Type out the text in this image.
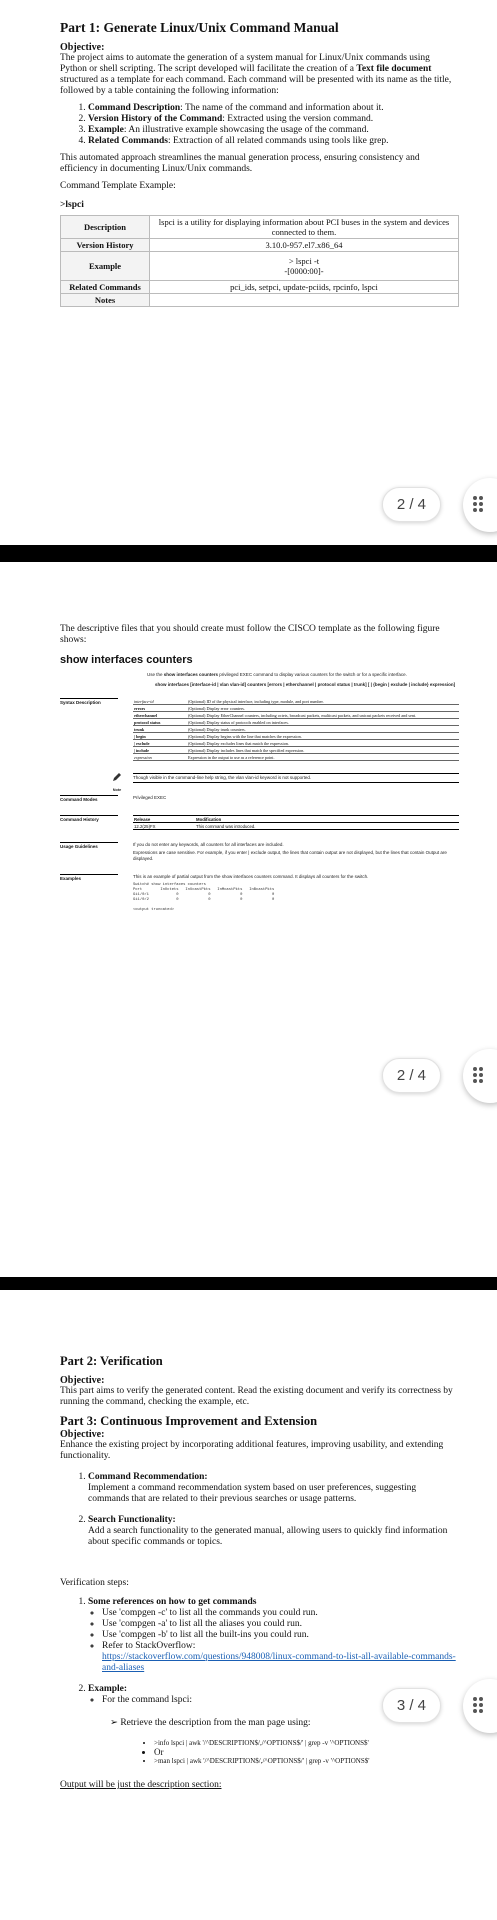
Part 1: Generate Linux/Unix Command Manual
Objective:

The project aims to automate the generation of a system manual for Linux/Unix commands using Python or shell scripting. The script developed will facilitate the creation of a Text file document structured as a template for each command. Each command will be presented with its name as the title, followed by a table containing the following information:

1. Command Description: The name of the command and information about it.
2. Version History of the Command: Extracted using the version command.
3. Example: An illustrative example showcasing the usage of the command.
4. Related Commands: Extraction of all related commands using tools like grep.

This automated approach streamlines the manual generation process, ensuring consistency and efficiency in documenting Linux/Unix commands.

Command Template Example:

>lspci

Description	lspci is a utility for displaying information about PCI buses in the system and devices connected to them.
Version History	3.10.0-957.el7.x86_64
Example	> lspci -t
-[0000:00]-
Related Commands	pci_ids, setpci, update-pciids, rpcinfo, lspci
Notes	
2 / 4

The descriptive files that you should create must follow the CISCO template as the following figure shows:

show interfaces counters
Use the show interfaces counters privileged EXEC command to display various counters for the switch or for a specific interface.
show interfaces [interface-id | vlan vlan-id] counters [errors | etherchannel | protocol status | trunk] [ | {begin | exclude | include} expression]
Syntax Description	interface-id	(Optional) ID of the physical interface, including type, module, and port number.
errors	(Optional) Display error counters.
etherchannel	(Optional) Display EtherChannel counters, including octets, broadcast packets, multicast packets, and unicast packets received and sent.
protocol status	(Optional) Display status of protocols enabled on interfaces.
trunk	(Optional) Display trunk counters.
| begin	(Optional) Display begins with the line that matches the expression.
| exclude	(Optional) Display excludes lines that match the expression.
| include	(Optional) Display includes lines that match the specified expression.
expression	Expression in the output to use as a reference point.
Note
Though visible in the command-line help string, the vlan vlan-id keyword is not supported.
Command Modes	Privileged EXEC
Command History	Release	Modification
12.2(25)FX	This command was introduced.
Usage Guidelines	If you do not enter any keywords, all counters for all interfaces are included.
Expressions are case sensitive. For example, if you enter | exclude output, the lines that contain output are not displayed, but the lines that contain Output are displayed.
Examples	This is an example of partial output from the show interfaces counters command. It displays all counters for the switch.
Switch# show interfaces counters
Port        InOctets   InUcastPkts   InMcastPkts   InBcastPkts
Gi1/0/1            0             0             0             0
Gi1/0/2            0             0             0             0

<output truncated>
2 / 4
Part 2: Verification
Objective:

This part aims to verify the generated content. Read the existing document and verify its correctness by running the command, checking the example, etc.

Part 3: Continuous Improvement and Extension
Objective:

Enhance the existing project by incorporating additional features, improving usability, and extending functionality.

1. Command Recommendation:
Implement a command recommendation system based on user preferences, suggesting commands that are related to their previous searches or usage patterns.
2. Search Functionality:
Add a search functionality to the generated manual, allowing users to quickly find information about specific commands or topics.

Verification steps:

1. Some references on how to get commands
◦ Use 'compgen -c' to list all the commands you could run.
◦ Use 'compgen -a' to list all the aliases you could run.
◦ Use 'compgen -b' to list all the built-ins you could run.
◦ Refer to StackOverflow:
https://stackoverflow.com/questions/948008/linux-command-to-list-all-available-commands-and-aliases
2. Example:
◦ For the command lspci:

➢ Retrieve the description from the man page using:

• >info lspci | awk '/^DESCRIPTION$/,/^OPTIONS$/' | grep -v '^OPTIONS$'
• Or
• >man lspci | awk '/^DESCRIPTION$/,/^OPTIONS$/' | grep -v '^OPTIONS$'

Output will be just the description section:

3 / 4
